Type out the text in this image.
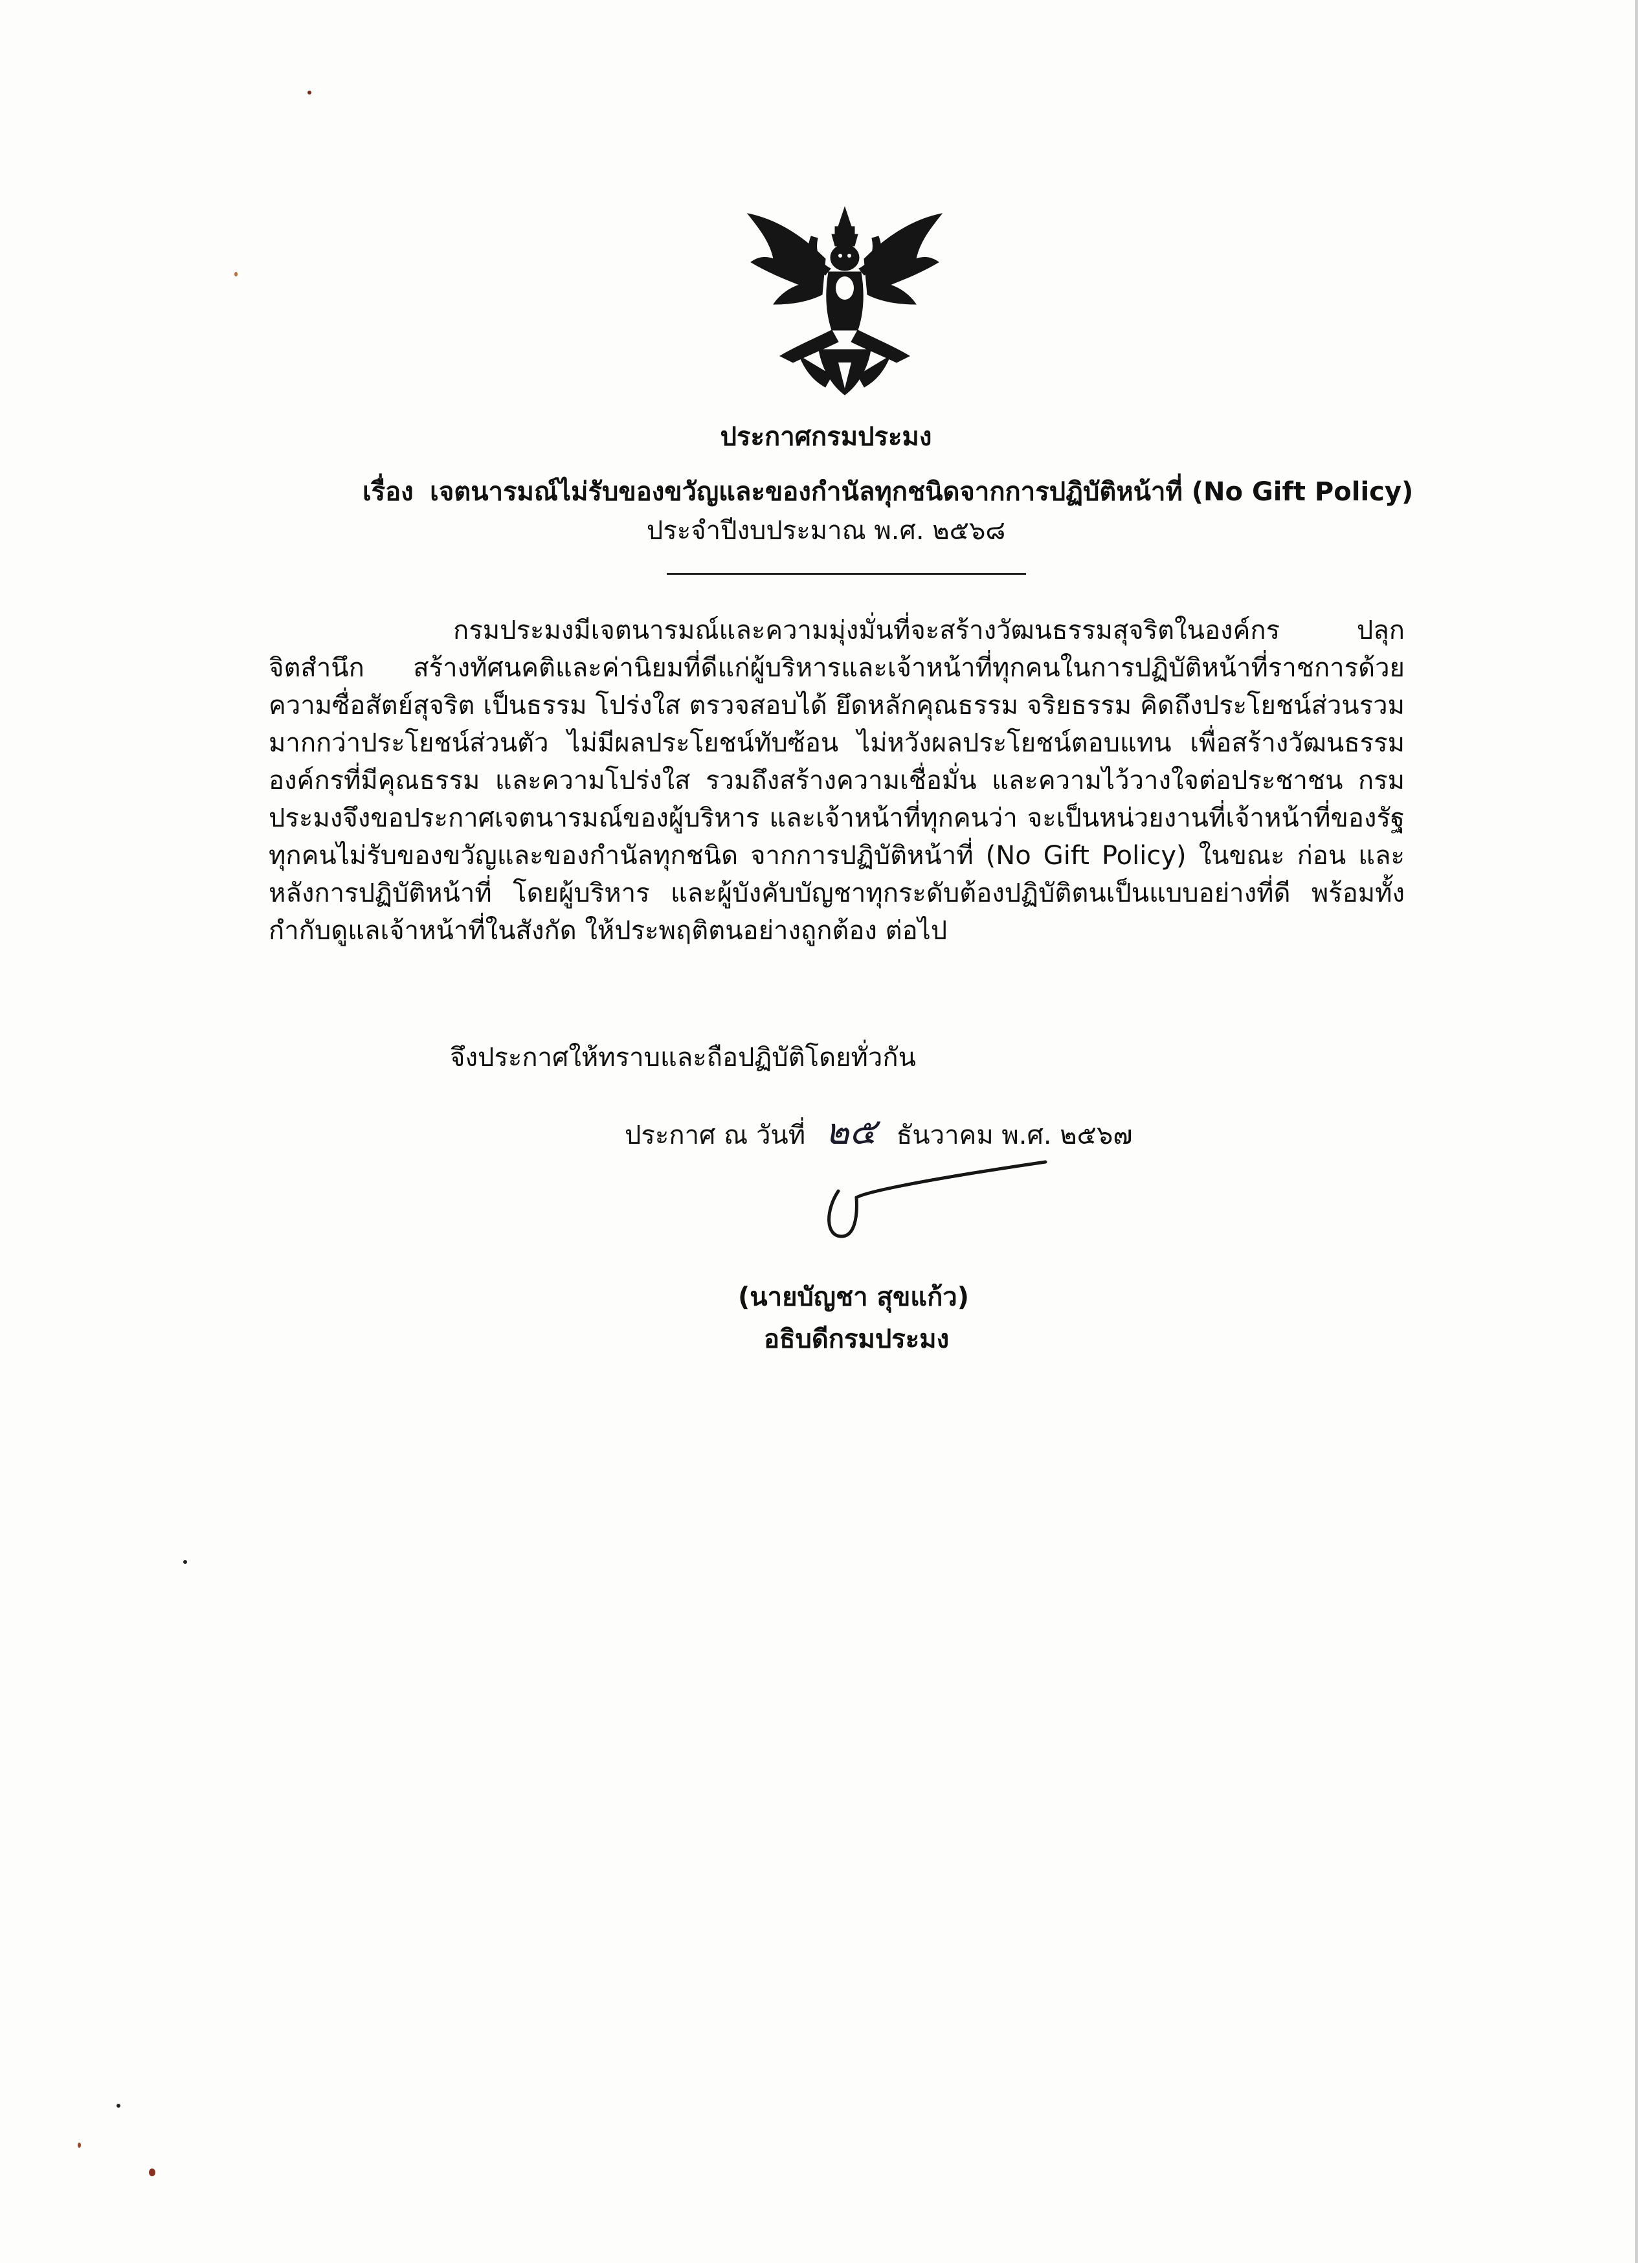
ประกาศกรมประมง

เรื่อง เจตนารมณ์ไม่รับของขวัญและของกำนัลทุกชนิดจากการปฏิบัติหน้าที่ (No Gift Policy)
ประจำปีงบประมาณ พ.ศ. ๒๕๖๘
กรมประมงมีเจตนารมณ์และความมุ่งมั่นที่จะสร้างวัฒนธรรมสุจริตในองค์กร ปลุกจิตสำนึก สร้างทัศนคติและค่านิยมที่ดีแก่ผู้บริหารและเจ้าหน้าที่ทุกคนในการปฏิบัติหน้าที่ราชการด้วยความซื่อสัตย์สุจริต เป็นธรรม โปร่งใส ตรวจสอบได้ ยึดหลักคุณธรรม จริยธรรม คิดถึงประโยชน์ส่วนรวมมากกว่าประโยชน์ส่วนตัว ไม่มีผลประโยชน์ทับซ้อน ไม่หวังผลประโยชน์ตอบแทน เพื่อสร้างวัฒนธรรมองค์กรที่มีคุณธรรม และความโปร่งใส รวมถึงสร้างความเชื่อมั่น และความไว้วางใจต่อประชาชน กรมประมงจึงขอประกาศเจตนารมณ์ของผู้บริหาร และเจ้าหน้าที่ทุกคนว่า จะเป็นหน่วยงานที่เจ้าหน้าที่ของรัฐทุกคนไม่รับของขวัญและของกำนัลทุกชนิด จากการปฏิบัติหน้าที่ (No Gift Policy) ในขณะ ก่อน และหลังการปฏิบัติหน้าที่ โดยผู้บริหาร และผู้บังคับบัญชาทุกระดับต้องปฏิบัติตนเป็นแบบอย่างที่ดี พร้อมทั้งกำกับดูแลเจ้าหน้าที่ในสังกัด ให้ประพฤติตนอย่างถูกต้อง ต่อไป
จึงประกาศให้ทราบและถือปฏิบัติโดยทั่วกัน
ประกาศ ณ วันที่ ๒๕ ธันวาคม พ.ศ. ๒๕๖๗
(นายบัญชา สุขแก้ว)
อธิบดีกรมประมง
